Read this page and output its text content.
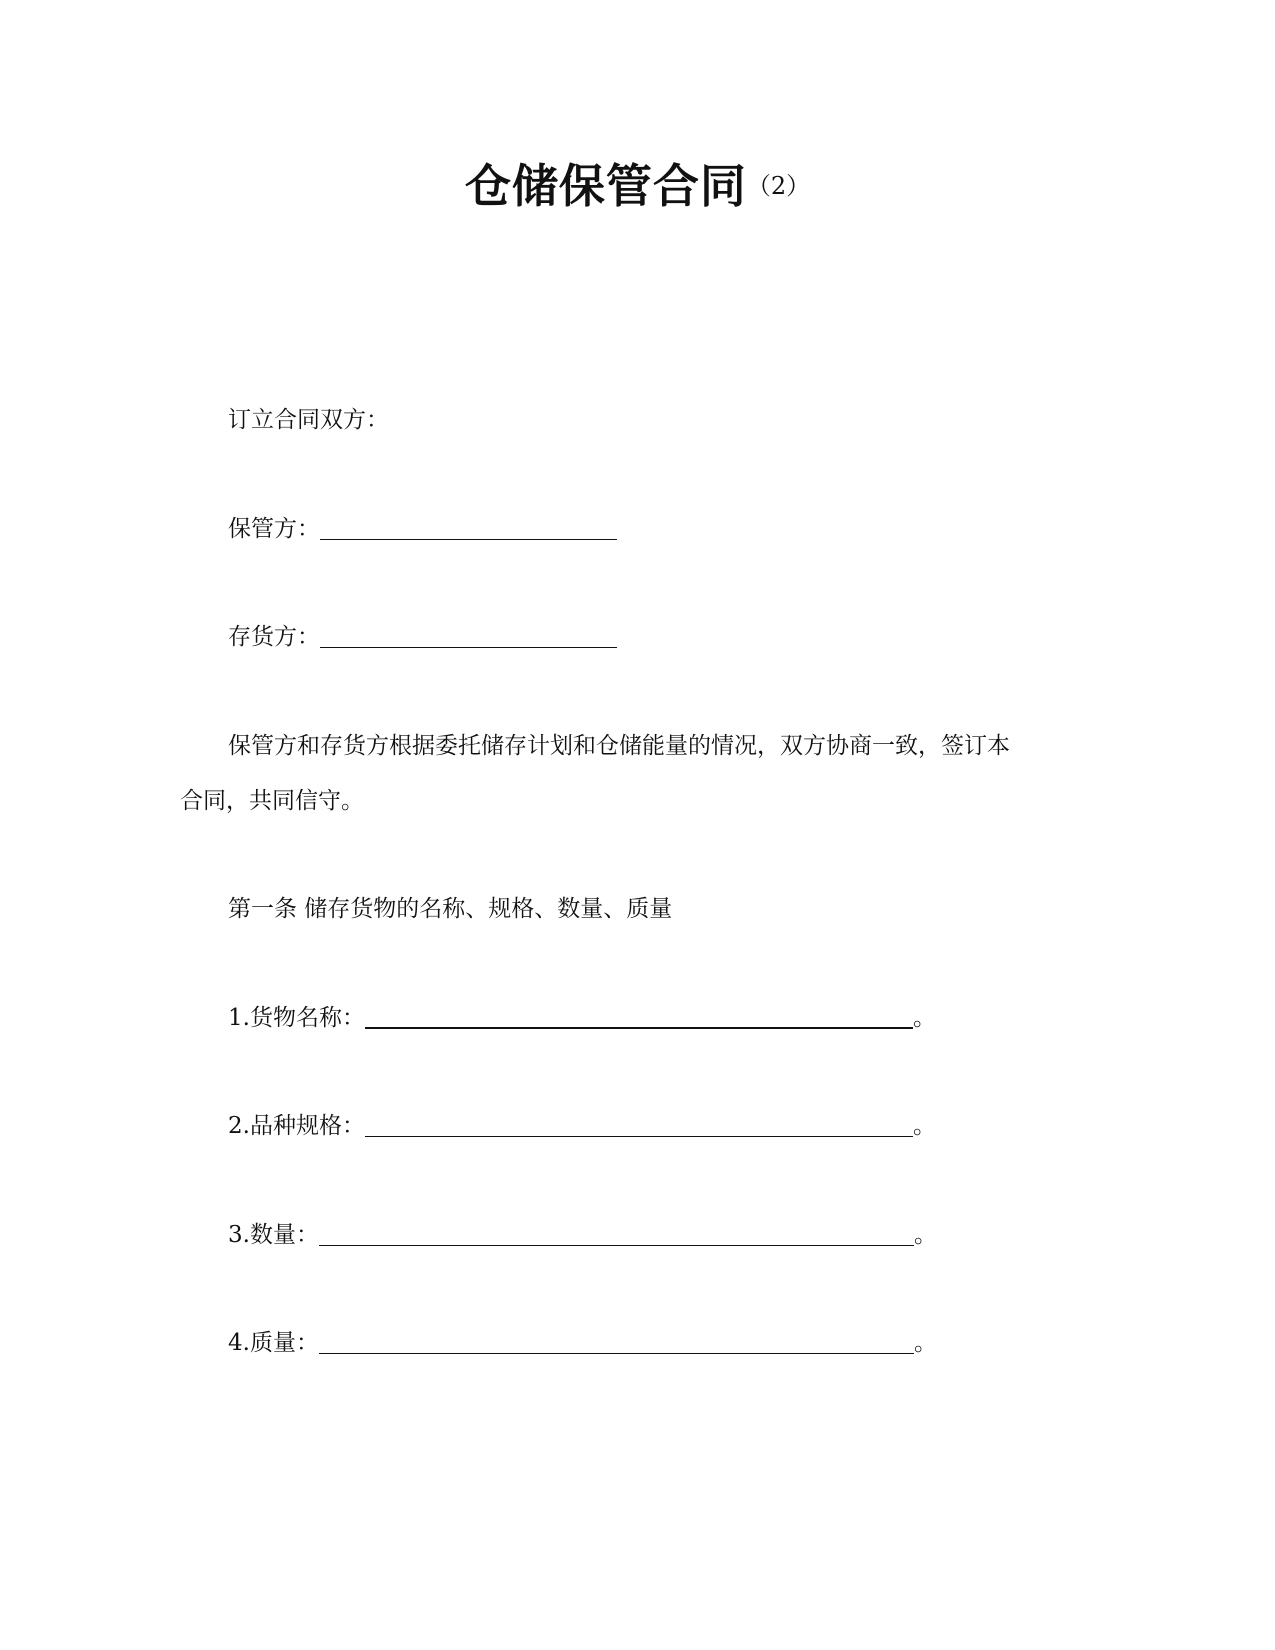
仓储保管合同（2）
订立合同双方：
保管方：
存货方：
保管方和存货方根据委托储存计划和仓储能量的情况，双方协商一致，签订本
合同，共同信守。
第一条 储存货物的名称、规格、数量、质量
1.货物名称：	。
2.品种规格：	。
3.数量：	。
4.质量：	。
